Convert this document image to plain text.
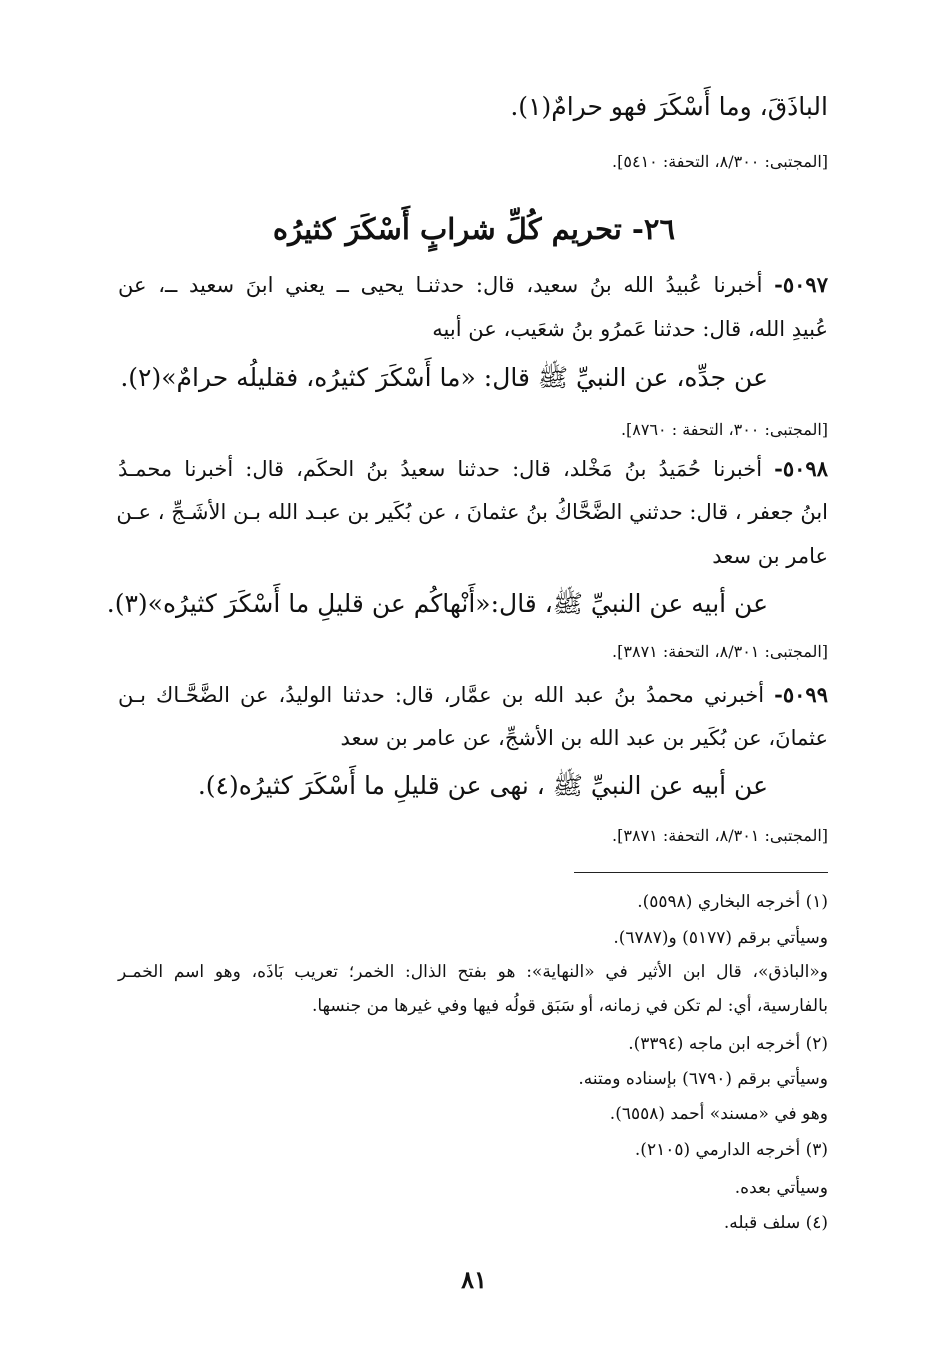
الباذَقَ، وما أَسْكَرَ فهو حرامٌ(١).
[المجتبى: ٨/٣٠٠، التحفة: ٥٤١٠].
٢٦- تحريم كُلِّ شرابٍ أَسْكَرَ كثيرُه
٥٠٩٧- أخبرنا عُبيدُ الله بنُ سعيد، قال: حدثنـا يحيى ــ يعني ابنَ سعيد ــ، عن
عُبيدِ الله، قال: حدثنا عَمرُو بنُ شعَيب، عن أبيه
عن جدِّه، عن النبيِّ ﷺ قال: «ما أَسْكَرَ كثيرُه، فقليلُه حرامٌ»(٢).
[المجتبى: ٣٠٠، التحفة : ٨٧٦٠].
٥٠٩٨- أخبرنا حُمَيدُ بنُ مَخْلد، قال: حدثنا سعيدُ بنُ الحكَم، قال: أخبرنا محمـدُ
ابنُ جعفر ، قال: حدثني الضَّحَّاكُ بنُ عثمانَ ، عن بُكَير بن عبـد الله بـن الأشَـجِّ ، عـن
عامر بن سعد
عن أبيه عن النبيِّ ﷺ، قال:«أَنْهاكُم عن قليلِ ما أَسْكَرَ كثيرُه»(٣).
[المجتبى: ٨/٣٠١، التحفة: ٣٨٧١].
٥٠٩٩- أخبرني محمدُ بنُ عبد الله بن عمَّار، قال: حدثنا الوليدُ، عن الضَّحَّـاك بـن
عثمانَ، عن بُكَير بن عبد الله بن الأشجِّ، عن عامر بن سعد
عن أبيه عن النبيِّ ﷺ ، نهى عن قليلِ ما أَسْكَرَ كثيرُه(٤).
[المجتبى: ٨/٣٠١، التحفة: ٣٨٧١].
(١) أخرجه البخاري (٥٥٩٨).
وسيأتي برقم (٥١٧٧) و(٦٧٨٧).
و«الباذق»، قال ابن الأثير في «النهاية»: هو بفتح الذال: الخمر؛ تعريب بَاذَه، وهو اسم الخمـر
بالفارسية، أي: لم تكن في زمانه، أو سَبَق قولُه فيها وفي غيرها من جنسها.
(٢) أخرجه ابن ماجه (٣٣٩٤).
وسيأتي برقم (٦٧٩٠) بإسناده ومتنه.
وهو في «مسند» أحمد (٦٥٥٨).
(٣) أخرجه الدارمي (٢١٠٥).
وسيأتي بعده.
(٤) سلف قبله.
٨١
